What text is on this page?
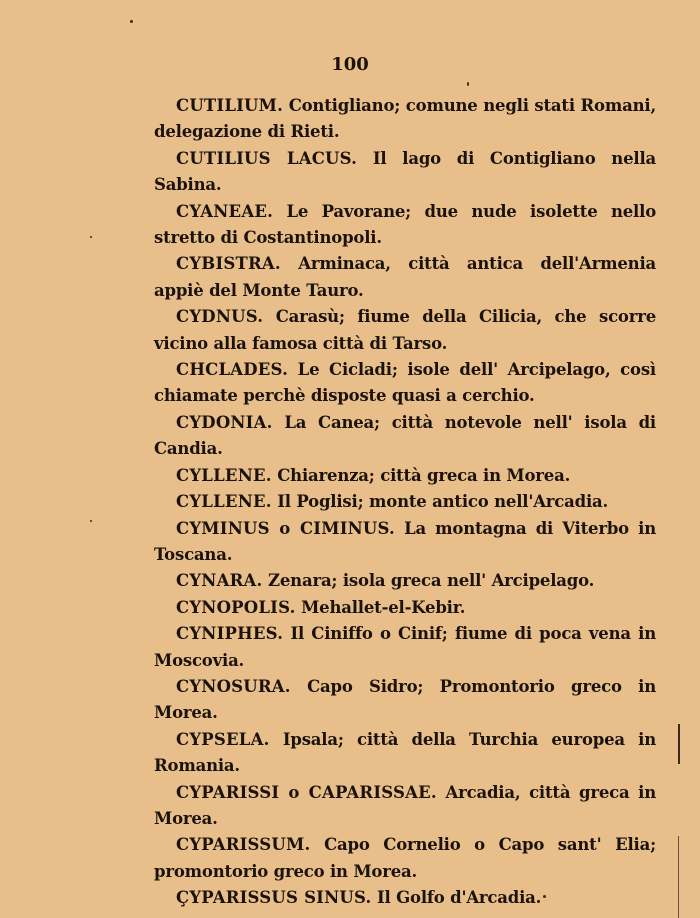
100

CUTILIUM. Contigliano; comune negli stati Romani, delegazione di Rieti.

CUTILIUS LACUS. Il lago di Contigliano nella Sabina.

CYANEAE. Le Pavorane; due nude isolette nello stretto di Costantinopoli.

CYBISTRA. Arminaca, città antica dell'Armenia appiè del Monte Tauro.

CYDNUS. Carasù; fiume della Cilicia, che scorre vicino alla famosa città di Tarso.

CHCLADES. Le Cicladi; isole dell' Arcipelago, così chiamate perchè disposte quasi a cerchio.

CYDONIA. La Canea; città notevole nell' isola di Candia.

CYLLENE. Chiarenza; città greca in Morea.

CYLLENE. Il Poglisi; monte antico nell'Arcadia.

CYMINUS o CIMINUS. La montagna di Viterbo in Toscana.

CYNARA. Zenara; isola greca nell' Arcipelago.

CYNOPOLIS. Mehallet-el-Kebir.

CYNIPHES. Il Ciniffo o Cinif; fiume di poca vena in Moscovia.

CYNOSURA. Capo Sidro; Promontorio greco in Morea.

CYPSELA. Ipsala; città della Turchia europea in Romania.

CYPARISSI o CAPARISSAE. Arcadia, città greca in Morea.

CYPARISSUM. Capo Cornelio o Capo sant' Elia; promontorio greco in Morea.

ÇYPARISSUS SINUS. Il Golfo d'Arcadia.
